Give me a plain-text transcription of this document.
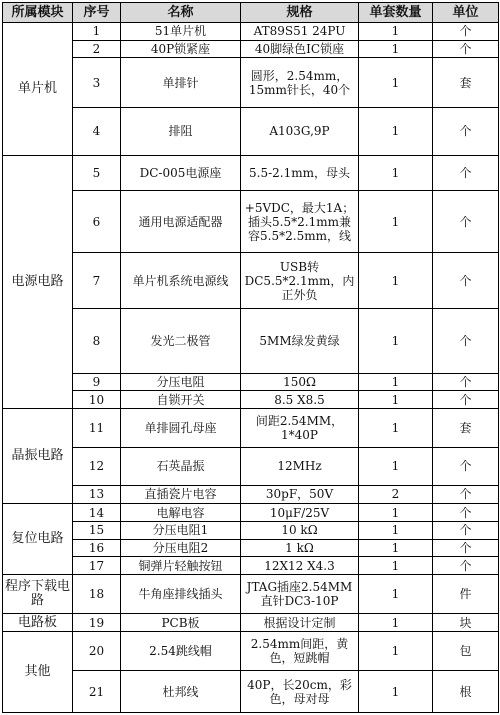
所属模块	序号	名称	规格	单套数量	单位
单片机	1	51单片机	AT89S51 24PU	1	个
	2	40P锁紧座	40脚绿色IC锁座	1	个
	3	单排针	圆形，2.54mm，15mm针长，40个	1	套
	4	排阻	A103G,9P	1	个
电源电路	5	DC-005电源座	5.5-2.1mm，母头	1	个
	6	通用电源适配器	+5VDC，最大1A；插头5.5*2.1mm兼容5.5*2.5mm，线	1	个
	7	单片机系统电源线	USB转DC5.5*2.1mm，内正外负	1	个
	8	发光二极管	5MM绿发黄绿	1	个
	9	分压电阻	150Ω	1	个
	10	自锁开关	8.5 X8.5	1	个
晶振电路	11	单排圆孔母座	间距2.54MM，1*40P	1	套
	12	石英晶振	12MHz	1	个
	13	直插瓷片电容	30pF，50V	2	个
复位电路	14	电解电容	10μF/25V	1	个
	15	分压电阻1	10 kΩ	1	个
	16	分压电阻2	1 kΩ	1	个
	17	铜弹片轻触按钮	12X12 X4.3	1	个
程序下载电路	18	牛角座排线插头	JTAG插座2.54MM直针DC3-10P	1	件
电路板	19	PCB板	根据设计定制	1	块
其他	20	2.54跳线帽	2.54mm间距，黄色，短跳帽	1	包
	21	杜邦线	40P，长20cm，彩色，母对母	1	根
